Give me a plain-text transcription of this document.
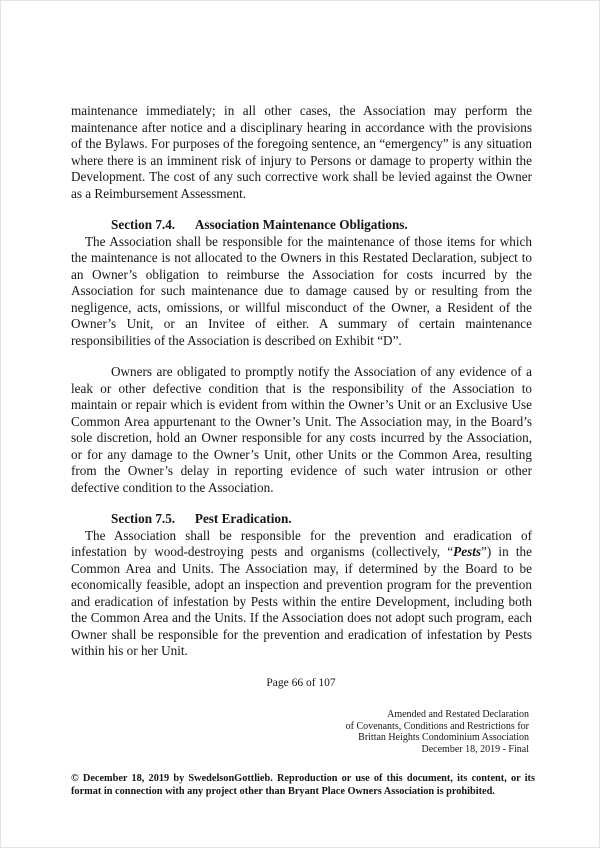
maintenance immediately; in all other cases, the Association may perform the maintenance after notice and a disciplinary hearing in accordance with the provisions of the Bylaws. For purposes of the foregoing sentence, an “emergency” is any situation where there is an imminent risk of injury to Persons or damage to property within the Development. The cost of any such corrective work shall be levied against the Owner as a Reimbursement Assessment.

Section 7.4.      Association Maintenance Obligations.

The Association shall be responsible for the maintenance of those items for which the maintenance is not allocated to the Owners in this Restated Declaration, subject to an Owner’s obligation to reimburse the Association for costs incurred by the Association for such maintenance due to damage caused by or resulting from the negligence, acts, omissions, or willful misconduct of the Owner, a Resident of the Owner’s Unit, or an Invitee of either. A summary of certain maintenance responsibilities of the Association is described on Exhibit “D”.

Owners are obligated to promptly notify the Association of any evidence of a leak or other defective condition that is the responsibility of the Association to maintain or repair which is evident from within the Owner’s Unit or an Exclusive Use Common Area appurtenant to the Owner’s Unit. The Association may, in the Board’s sole discretion, hold an Owner responsible for any costs incurred by the Association, or for any damage to the Owner’s Unit, other Units or the Common Area, resulting from the Owner’s delay in reporting evidence of such water intrusion or other defective condition to the Association.

Section 7.5.      Pest Eradication.

The Association shall be responsible for the prevention and eradication of infestation by wood-destroying pests and organisms (collectively, “Pests”) in the Common Area and Units. The Association may, if determined by the Board to be economically feasible, adopt an inspection and prevention program for the prevention and eradication of infestation by Pests within the entire Development, including both the Common Area and the Units. If the Association does not adopt such program, each Owner shall be responsible for the prevention and eradication of infestation by Pests within his or her Unit.

Page 66 of 107
Amended and Restated Declaration
of Covenants, Conditions and Restrictions for
Brittan Heights Condominium Association
December 18, 2019 - Final
© December 18, 2019 by SwedelsonGottlieb. Reproduction or use of this document, its content, or its format in connection with any project other than Bryant Place Owners Association is prohibited.
